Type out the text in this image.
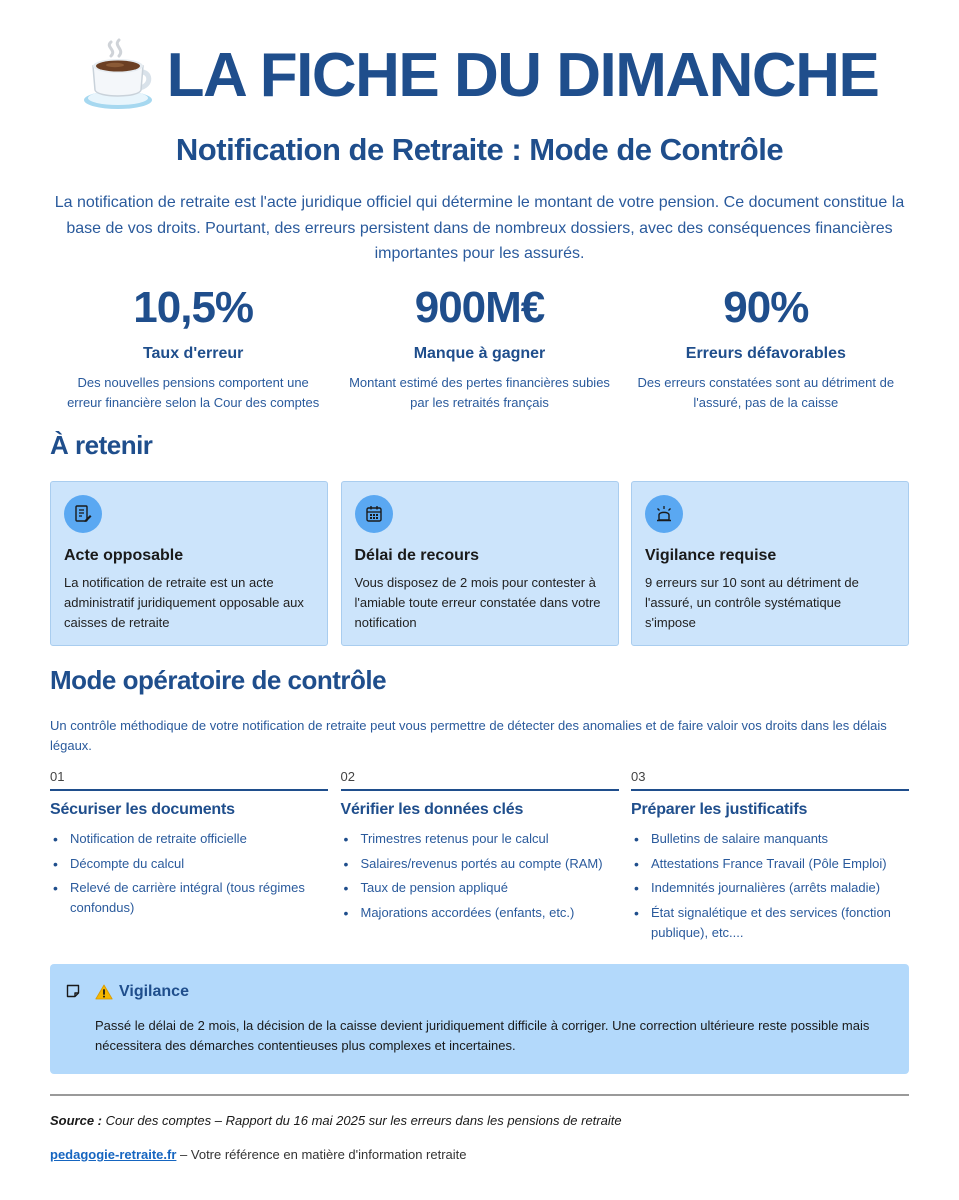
LA FICHE DU DIMANCHE
Notification de Retraite : Mode de Contrôle

La notification de retraite est l'acte juridique officiel qui détermine le montant de votre pension. Ce document constitue la base de vos droits. Pourtant, des erreurs persistent dans de nombreux dossiers, avec des conséquences financières importantes pour les assurés.

10,5%
Taux d'erreur
Des nouvelles pensions comportent une erreur financière selon la Cour des comptes
900M€
Manque à gagner
Montant estimé des pertes financières subies par les retraités français
90%
Erreurs défavorables
Des erreurs constatées sont au détriment de l'assuré, pas de la caisse
À retenir
Acte opposable
La notification de retraite est un acte administratif juridiquement opposable aux caisses de retraite
Délai de recours
Vous disposez de 2 mois pour contester à l'amiable toute erreur constatée dans votre notification
Vigilance requise
9 erreurs sur 10 sont au détriment de l'assuré, un contrôle systématique s'impose
Mode opératoire de contrôle

Un contrôle méthodique de votre notification de retraite peut vous permettre de détecter des anomalies et de faire valoir vos droits dans les délais légaux.

01
Sécuriser les documents
• Notification de retraite officielle
• Décompte du calcul
• Relevé de carrière intégral (tous régimes confondus)
02
Vérifier les données clés
• Trimestres retenus pour le calcul
• Salaires/revenus portés au compte (RAM)
• Taux de pension appliqué
• Majorations accordées (enfants, etc.)
03
Préparer les justificatifs
• Bulletins de salaire manquants
• Attestations France Travail (Pôle Emploi)
• Indemnités journalières (arrêts maladie)
• État signalétique et des services (fonction publique), etc....
Vigilance

Passé le délai de 2 mois, la décision de la caisse devient juridiquement difficile à corriger. Une correction ultérieure reste possible mais nécessitera des démarches contentieuses plus complexes et incertaines.

Source : Cour des comptes – Rapport du 16 mai 2025 sur les erreurs dans les pensions de retraite
pedagogie-retraite.fr – Votre référence en matière d'information retraite
